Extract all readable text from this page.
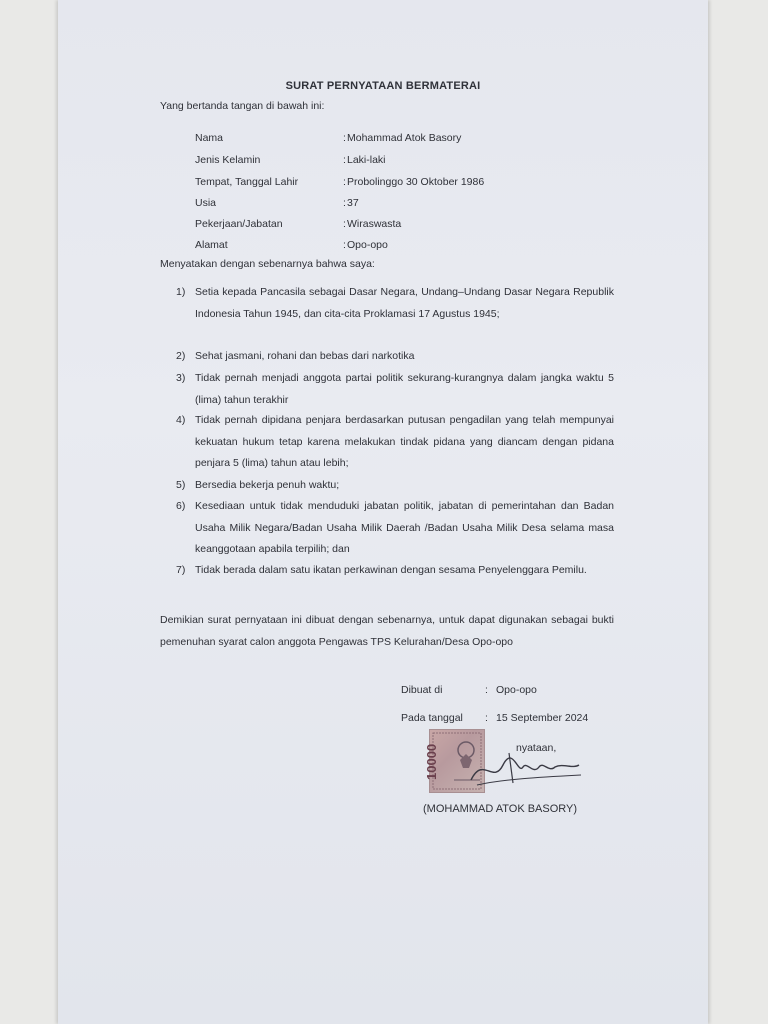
SURAT PERNYATAAN BERMATERAI
Yang bertanda tangan di bawah ini:
Nama	: Mohammad Atok Basory
Jenis Kelamin	: Laki-laki
Tempat, Tanggal Lahir	: Probolinggo 30 Oktober 1986
Usia	: 37
Pekerjaan/Jabatan	: Wiraswasta
Alamat	: Opo-opo
Menyatakan dengan sebenarnya bahwa saya:
1) Setia kepada Pancasila sebagai Dasar Negara, Undang–Undang Dasar Negara Republik Indonesia Tahun 1945, dan cita-cita Proklamasi 17 Agustus 1945;
2) Sehat jasmani, rohani dan bebas dari narkotika
3) Tidak pernah menjadi anggota partai politik sekurang-kurangnya dalam jangka waktu 5 (lima) tahun terakhir
4) Tidak pernah dipidana penjara berdasarkan putusan pengadilan yang telah mempunyai kekuatan hukum tetap karena melakukan tindak pidana yang diancam dengan pidana penjara 5 (lima) tahun atau lebih;
5) Bersedia bekerja penuh waktu;
6) Kesediaan untuk tidak menduduki jabatan politik, jabatan di pemerintahan dan Badan Usaha Milik Negara/Badan Usaha Milik Daerah /Badan Usaha Milik Desa selama masa keanggotaan apabila terpilih; dan
7) Tidak berada dalam satu ikatan perkawinan dengan sesama Penyelenggara Pemilu.
Demikian surat pernyataan ini dibuat dengan sebenarnya, untuk dapat digunakan sebagai bukti pemenuhan syarat calon anggota Pengawas TPS Kelurahan/Desa Opo-opo
Dibuat di	: Opo-opo
Pada tanggal : 15 September 2024
nyataan,
10000
(MOHAMMAD ATOK BASORY)
